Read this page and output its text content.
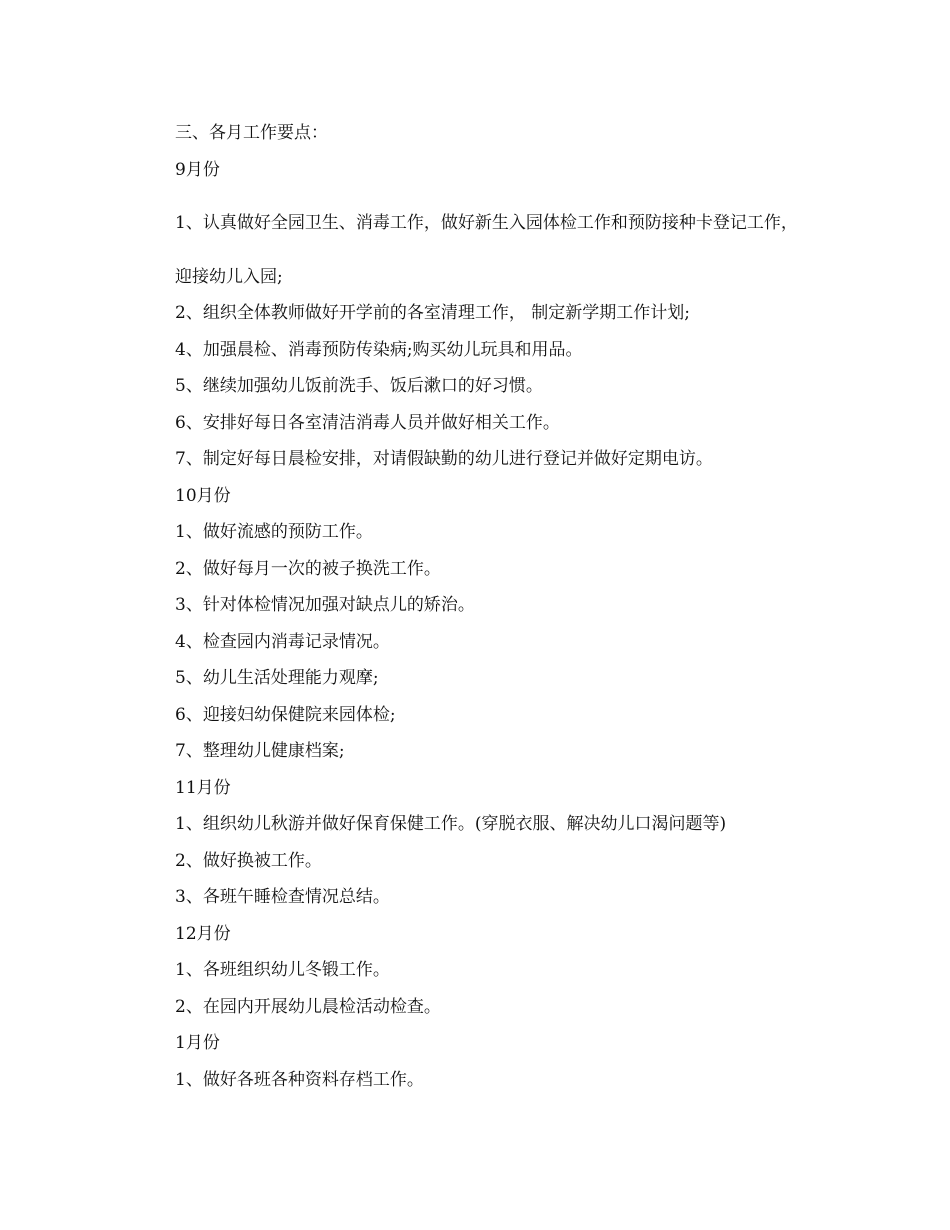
三、各月工作要点：

9月份

1、认真做好全园卫生、消毒工作，做好新生入园体检工作和预防接种卡登记工作，

迎接幼儿入园;

2、组织全体教师做好开学前的各室清理工作， 制定新学期工作计划;

4、加强晨检、消毒预防传染病;购买幼儿玩具和用品。

5、继续加强幼儿饭前洗手、饭后漱口的好习惯。

6、安排好每日各室清洁消毒人员并做好相关工作。

7、制定好每日晨检安排，对请假缺勤的幼儿进行登记并做好定期电访。

10月份

1、做好流感的预防工作。

2、做好每月一次的被子换洗工作。

3、针对体检情况加强对缺点儿的矫治。

4、检查园内消毒记录情况。

5、幼儿生活处理能力观摩;

6、迎接妇幼保健院来园体检;

7、整理幼儿健康档案;

11月份

1、组织幼儿秋游并做好保育保健工作。(穿脱衣服、解决幼儿口渴问题等)

2、做好换被工作。

3、各班午睡检查情况总结。

12月份

1、各班组织幼儿冬锻工作。

2、在园内开展幼儿晨检活动检查。

1月份

1、做好各班各种资料存档工作。
